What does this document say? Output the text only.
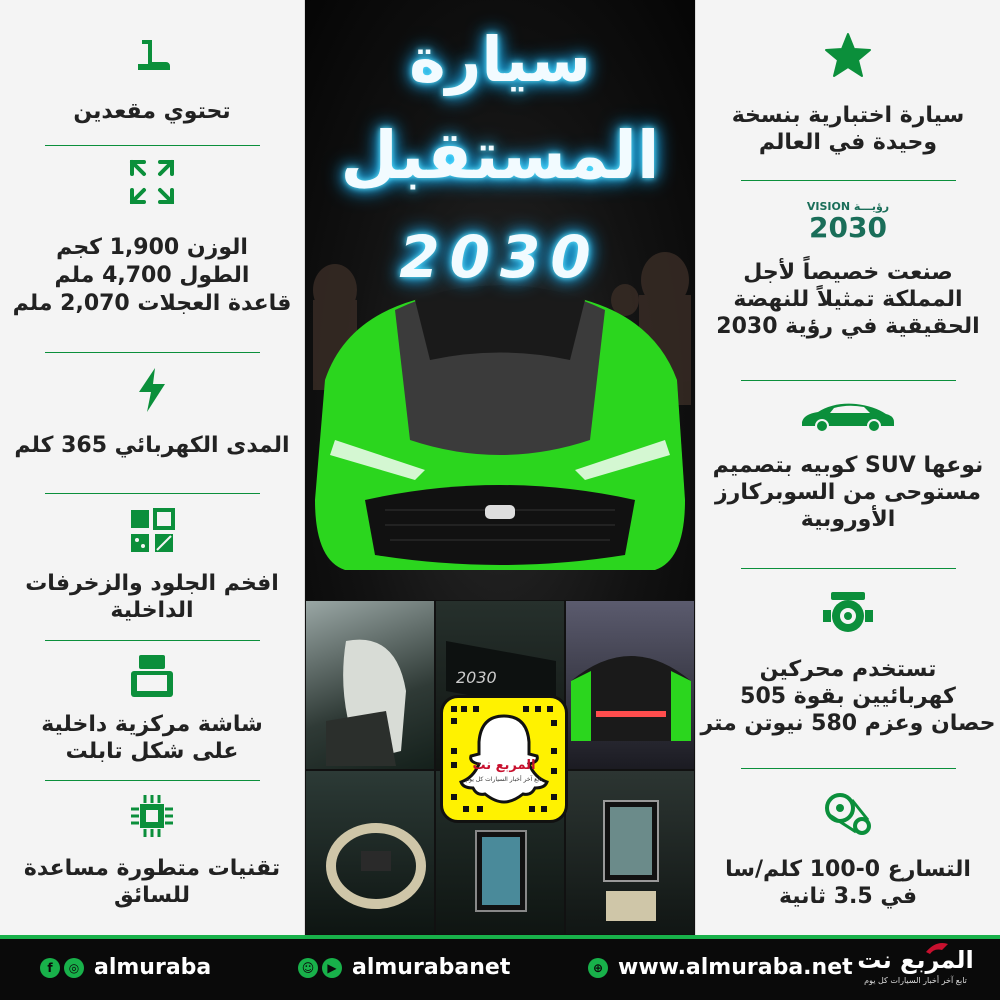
تحتوي مقعدين
الوزن 1,900 كجم
الطول 4,700 ملم
قاعدة العجلات 2,070 ملم
المدى الكهربائي 365 كلم
افخم الجلود والزخرفات
الداخلية
شاشة مركزية داخلية
على شكل تابلت
تقنيات متطورة مساعدة
للسائق
سيارة
المستقبل
2030
2030
المربع نت
تابع آخر أخبار السيارات كل يوم
سيارة اختبارية بنسخة
وحيدة في العالم
VISION رؤيـــة
2030
صنعت خصيصاً لأجل
المملكة تمثيلاً للنهضة
الحقيقية في رؤية 2030
نوعها SUV كوبيه بتصميم
مستوحى من السوبركارز
الأوروبية
تستخدم محركين
كهربائيين بقوة 505
حصان وعزم 580 نيوتن متر
التسارع 0-100 كلم/سا
في 3.5 ثانية
f	◎ almuraba	☺	▶ almurabanet	⊕ www.almuraba.net المربع نت
تابع آخر أخبار السيارات كل يوم
